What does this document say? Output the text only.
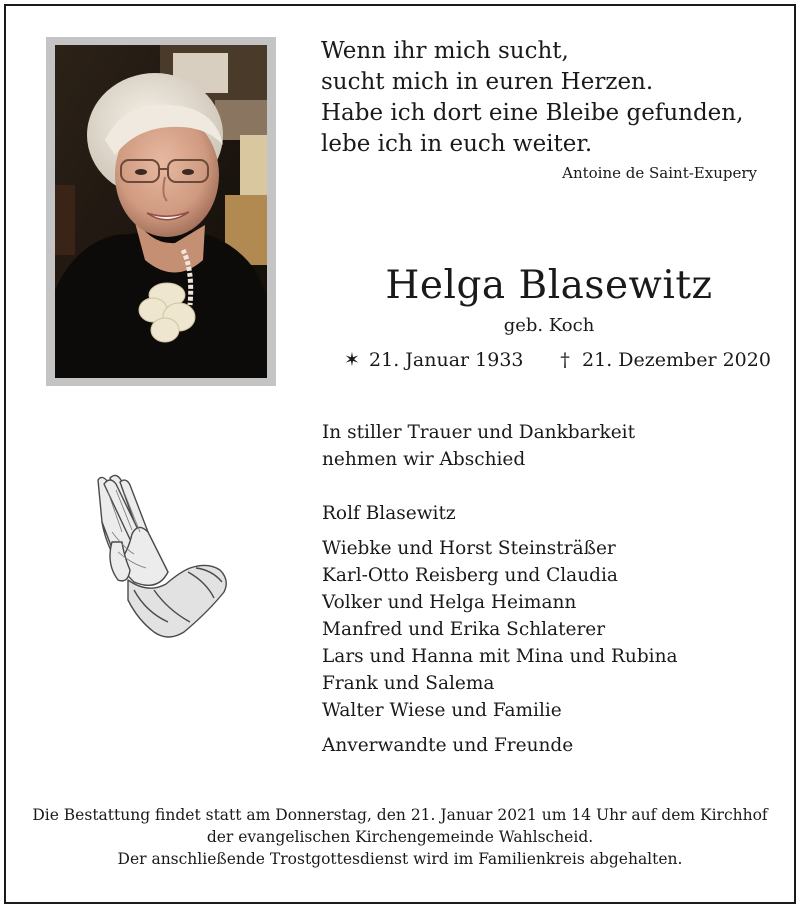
Wenn ihr mich sucht,
sucht mich in euren Herzen.
Habe ich dort eine Bleibe gefunden,
lebe ich in euch weiter.
Antoine de Saint-Exupery
Helga Blasewitz
geb. Koch
✶ 21. Januar 1933	† 21. Dezember 2020
In stiller Trauer und Dankbarkeit
nehmen wir Abschied
Rolf Blasewitz
Wiebke und Horst Steinsträßer
Karl-Otto Reisberg und Claudia
Volker und Helga Heimann
Manfred und Erika Schlaterer
Lars und Hanna mit Mina und Rubina
Frank und Salema
Walter Wiese und Familie
Anverwandte und Freunde
Die Bestattung findet statt am Donnerstag, den 21. Januar 2021 um 14 Uhr auf dem Kirchhof
der evangelischen Kirchengemeinde Wahlscheid.
Der anschließende Trostgottesdienst wird im Familienkreis abgehalten.
